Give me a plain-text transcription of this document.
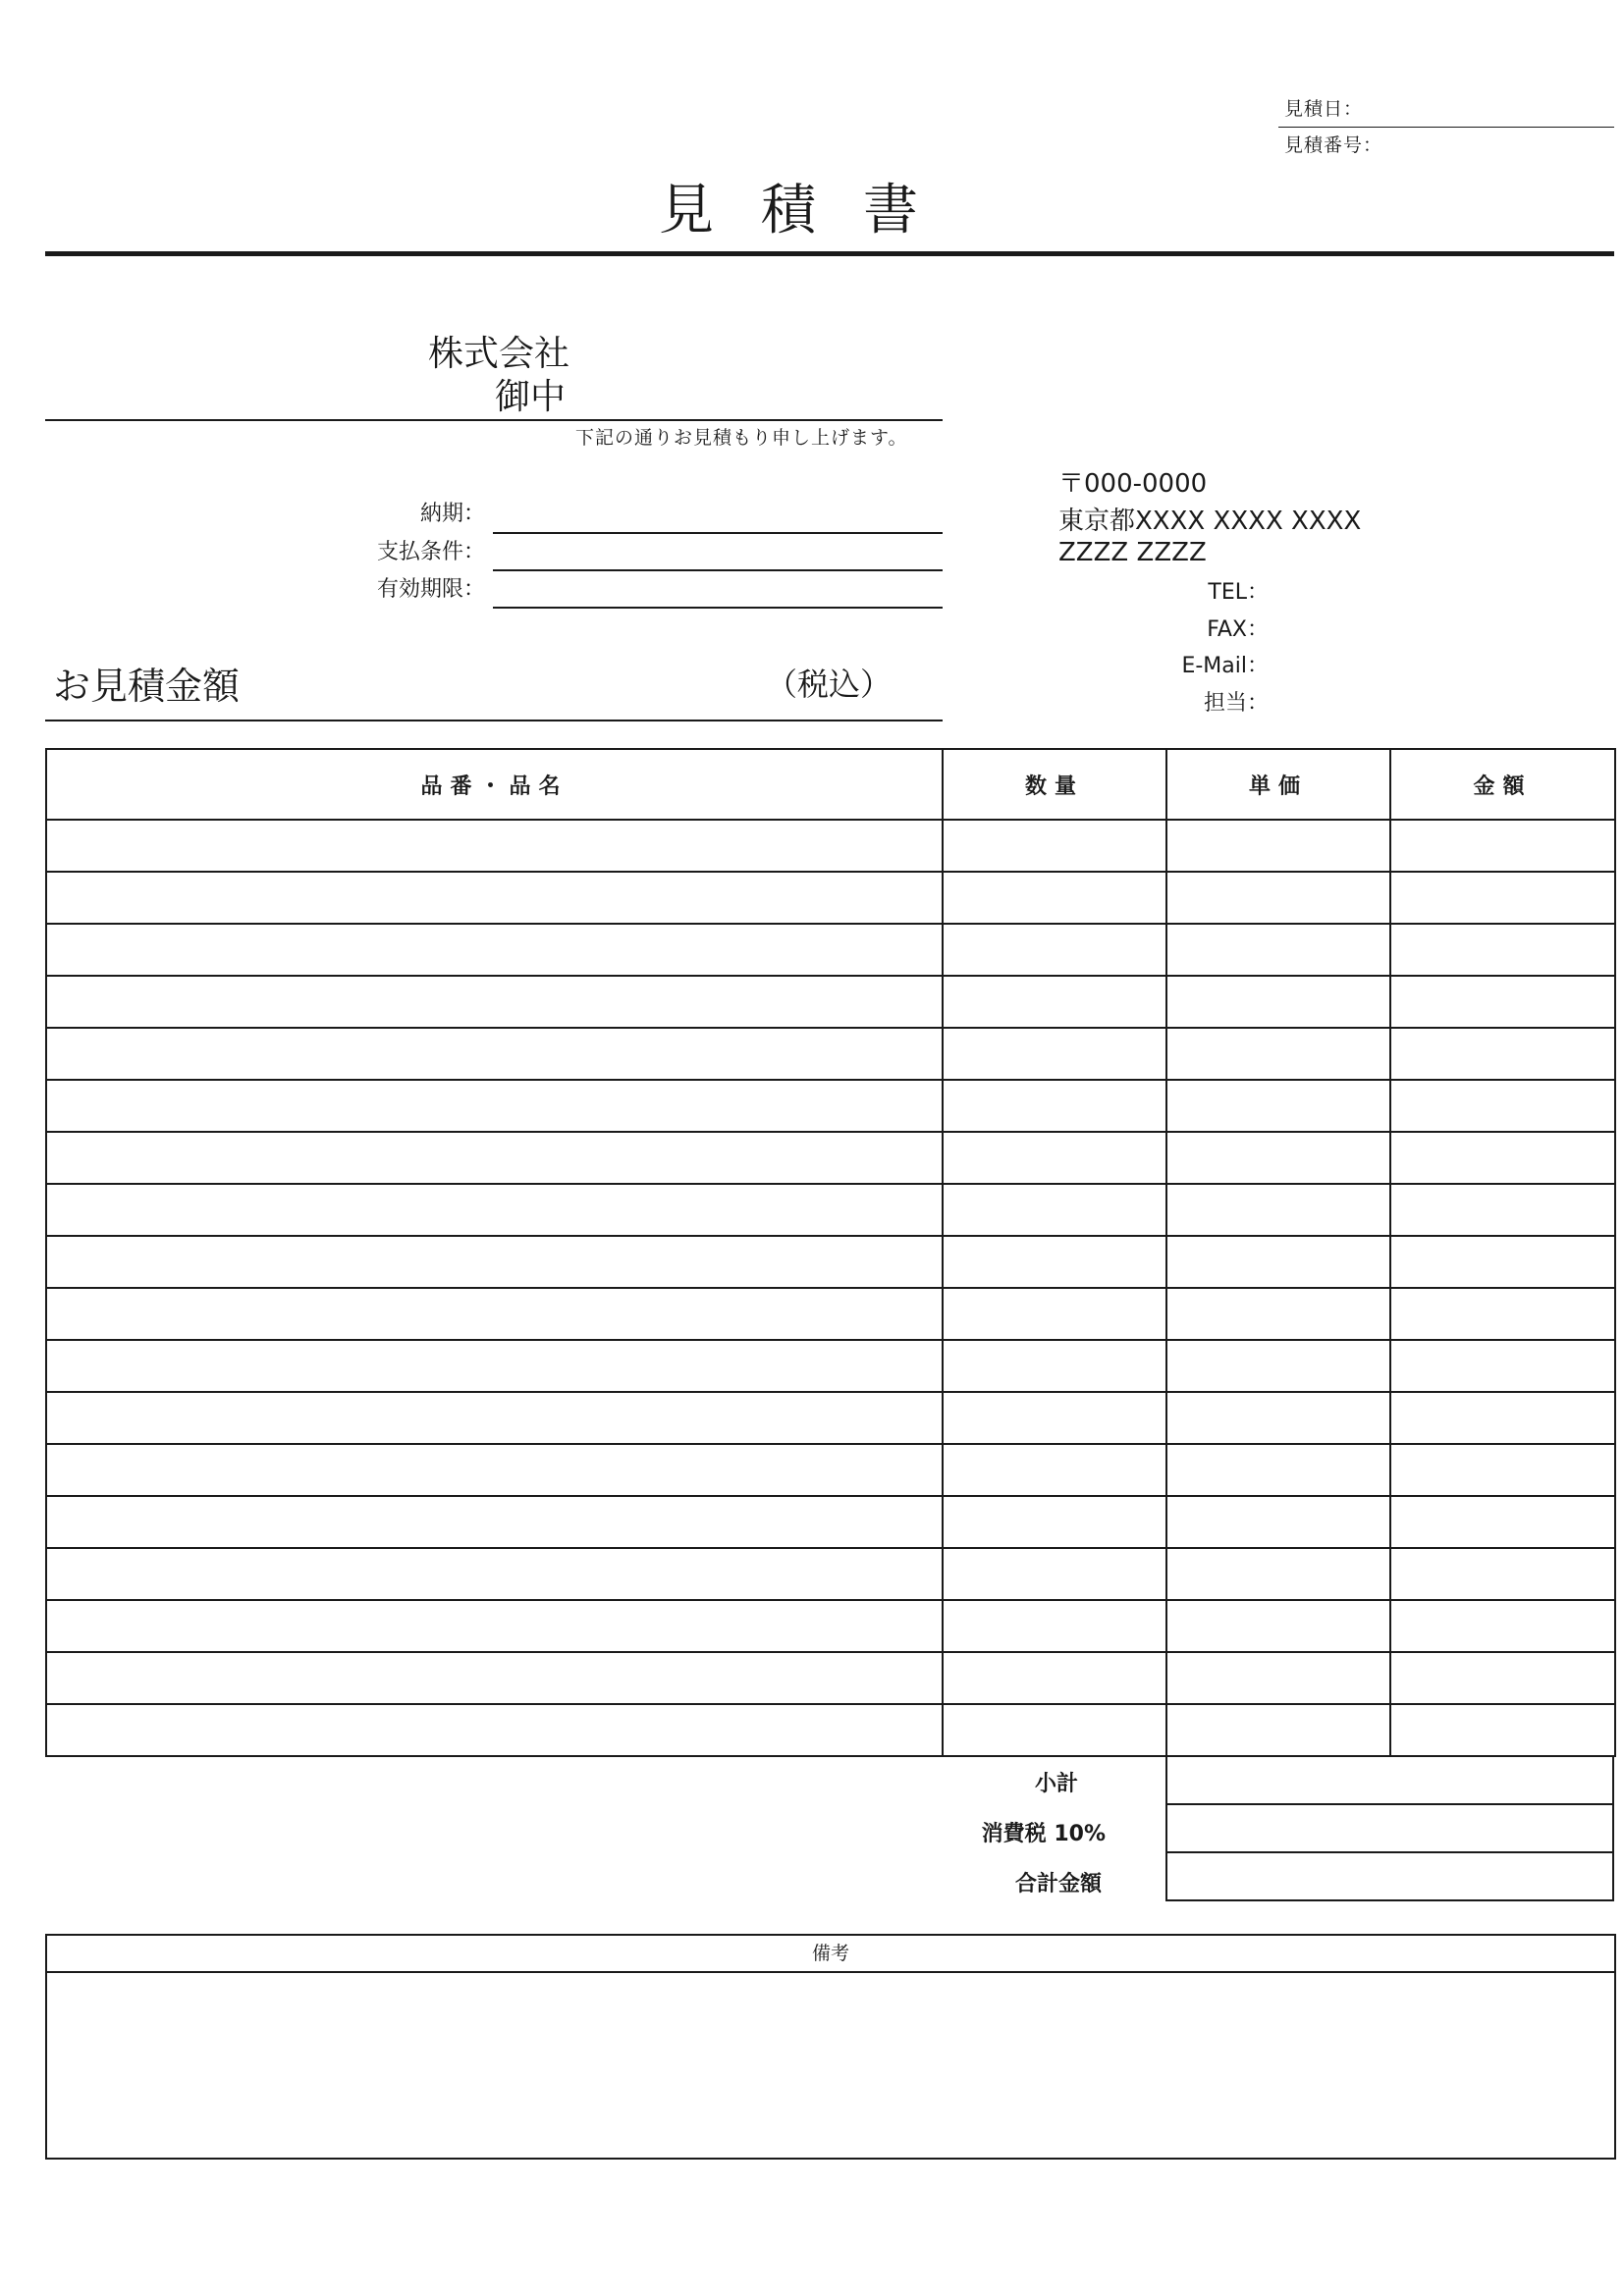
見積日：
見積番号：
見積書
株式会社
御中
下記の通りお見積もり申し上げます。
納期：
支払条件：
有効期限：
〒000-0000
東京都XXXX XXXX XXXX
ZZZZ ZZZZ
TEL：
FAX：
E-Mail：
担当：
お見積金額	（税込）
品番・品名	数量	単価	金額

小計
消費税 10%
合計金額

備考
